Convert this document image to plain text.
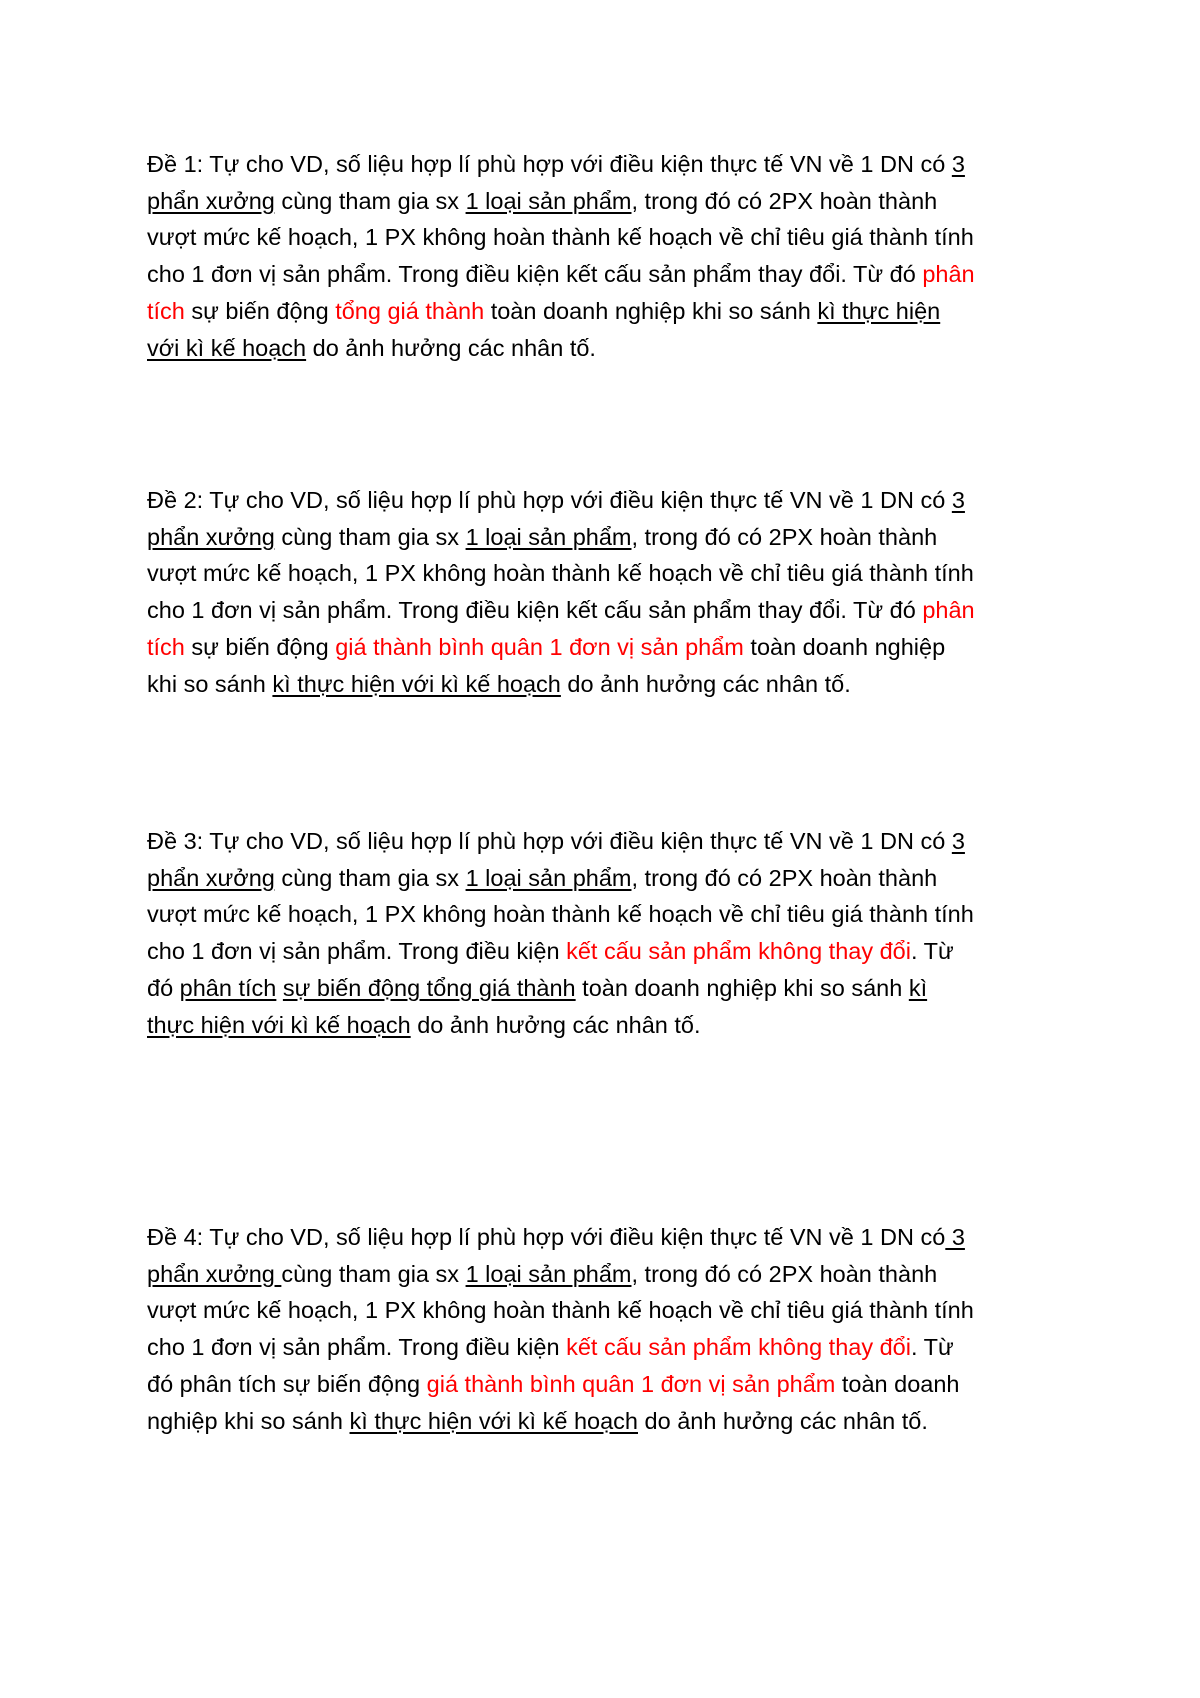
Đề 1: Tự cho VD, số liệu hợp lí phù hợp với điều kiện thực tế VN về 1 DN có 3
phẩn xưởng cùng tham gia sx 1 loại sản phẩm, trong đó có 2PX hoàn thành
vượt mức kế hoạch, 1 PX không hoàn thành kế hoạch về chỉ tiêu giá thành tính
cho 1 đơn vị sản phẩm. Trong điều kiện kết cấu sản phẩm thay đổi. Từ đó phân
tích sự biến động tổng giá thành toàn doanh nghiệp khi so sánh kì thực hiện
với kì kế hoạch do ảnh hưởng các nhân tố.

Đề 2: Tự cho VD, số liệu hợp lí phù hợp với điều kiện thực tế VN về 1 DN có 3
phẩn xưởng cùng tham gia sx 1 loại sản phẩm, trong đó có 2PX hoàn thành
vượt mức kế hoạch, 1 PX không hoàn thành kế hoạch về chỉ tiêu giá thành tính
cho 1 đơn vị sản phẩm. Trong điều kiện kết cấu sản phẩm thay đổi. Từ đó phân
tích sự biến động giá thành bình quân 1 đơn vị sản phẩm toàn doanh nghiệp
khi so sánh kì thực hiện với kì kế hoạch do ảnh hưởng các nhân tố.

Đề 3: Tự cho VD, số liệu hợp lí phù hợp với điều kiện thực tế VN về 1 DN có 3
phẩn xưởng cùng tham gia sx 1 loại sản phẩm, trong đó có 2PX hoàn thành
vượt mức kế hoạch, 1 PX không hoàn thành kế hoạch về chỉ tiêu giá thành tính
cho 1 đơn vị sản phẩm. Trong điều kiện kết cấu sản phẩm không thay đổi. Từ
đó phân tích sự biến động tổng giá thành toàn doanh nghiệp khi so sánh kì
thực hiện với kì kế hoạch do ảnh hưởng các nhân tố.

Đề 4: Tự cho VD, số liệu hợp lí phù hợp với điều kiện thực tế VN về 1 DN có 3
phẩn xưởng cùng tham gia sx 1 loại sản phẩm, trong đó có 2PX hoàn thành
vượt mức kế hoạch, 1 PX không hoàn thành kế hoạch về chỉ tiêu giá thành tính
cho 1 đơn vị sản phẩm. Trong điều kiện kết cấu sản phẩm không thay đổi. Từ
đó phân tích sự biến động giá thành bình quân 1 đơn vị sản phẩm toàn doanh
nghiệp khi so sánh kì thực hiện với kì kế hoạch do ảnh hưởng các nhân tố.
